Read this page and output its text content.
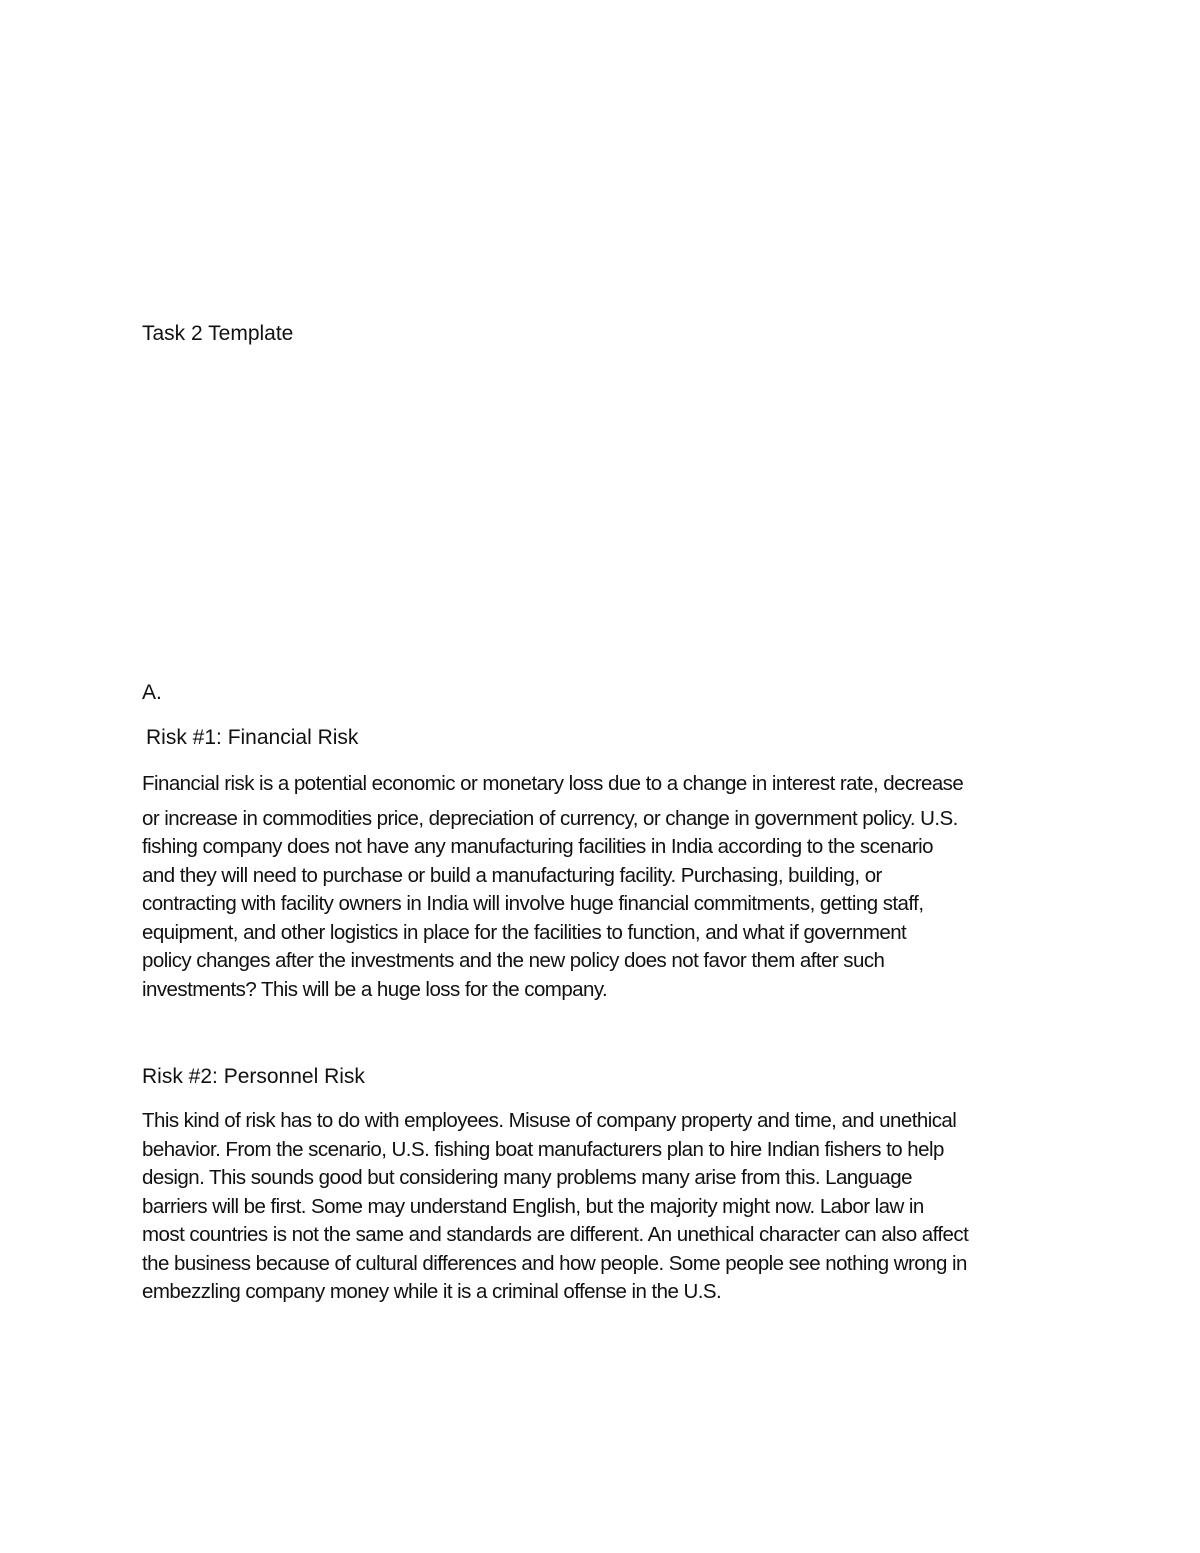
Task 2 Template
A.
Risk #1: Financial Risk
Financial risk is a potential economic or monetary loss due to a change in interest rate, decrease
or increase in commodities price, depreciation of currency, or change in government policy. U.S.
fishing company does not have any manufacturing facilities in India according to the scenario
and they will need to purchase or build a manufacturing facility. Purchasing, building, or
contracting with facility owners in India will involve huge financial commitments, getting staff,
equipment, and other logistics in place for the facilities to function, and what if government
policy changes after the investments and the new policy does not favor them after such
investments? This will be a huge loss for the company.
Risk #2: Personnel Risk
This kind of risk has to do with employees. Misuse of company property and time, and unethical
behavior. From the scenario, U.S. fishing boat manufacturers plan to hire Indian fishers to help
design. This sounds good but considering many problems many arise from this. Language
barriers will be first. Some may understand English, but the majority might now. Labor law in
most countries is not the same and standards are different. An unethical character can also affect
the business because of cultural differences and how people. Some people see nothing wrong in
embezzling company money while it is a criminal offense in the U.S.
